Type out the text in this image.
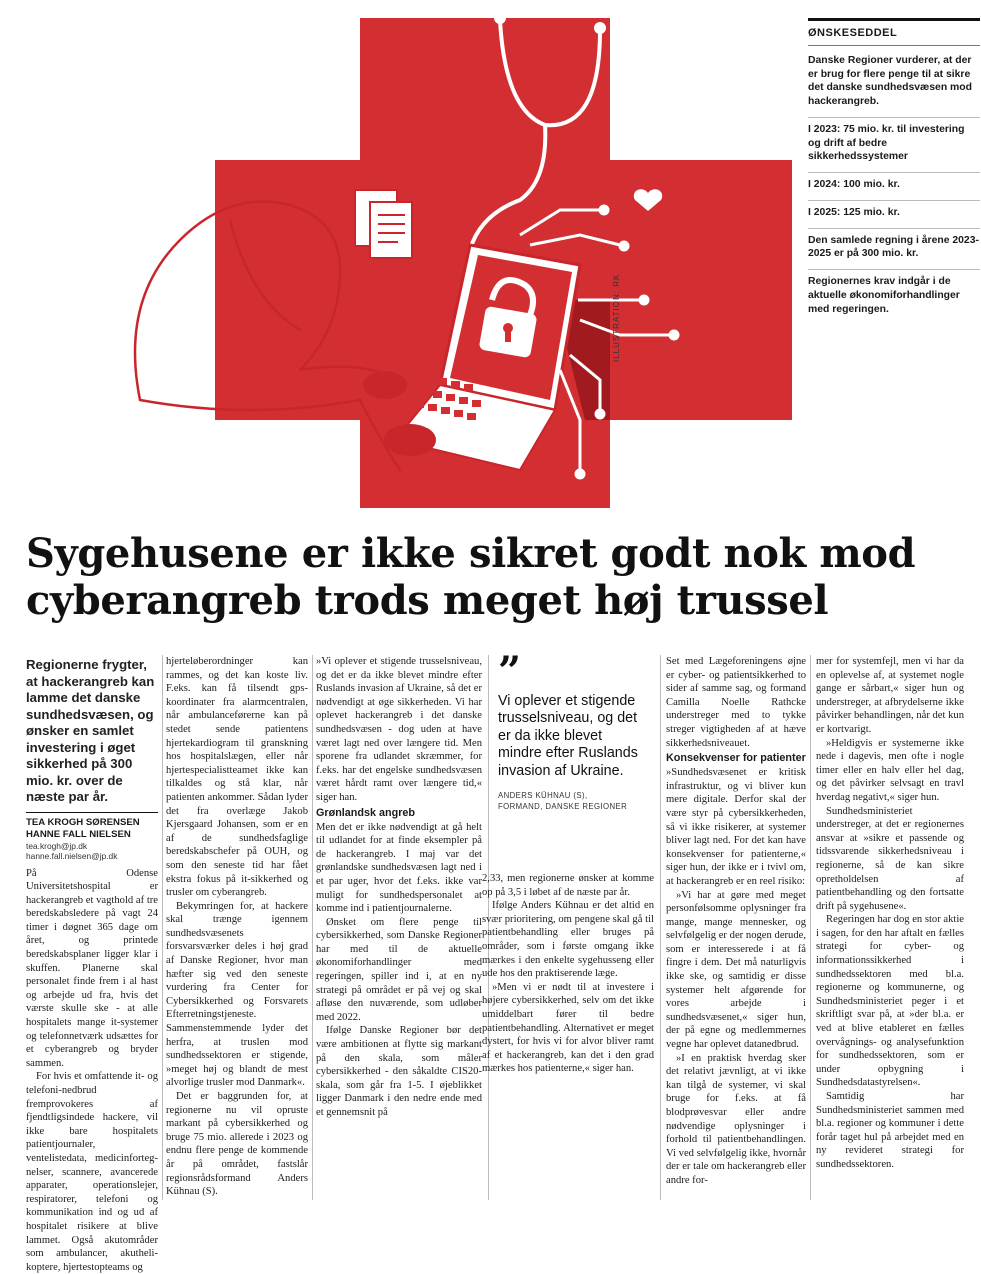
ILLUSTRATION: RK
ØNSKESEDDEL

Danske Regioner vurderer, at der er brug for flere penge til at sikre det danske sundhedsvæsen mod hackerangreb.

I 2023: 75 mio. kr. til investering og drift af bedre sikkerhedssystemer

I 2024: 100 mio. kr.

I 2025: 125 mio. kr.

Den samlede regning i årene 2023-2025 er på 300 mio. kr.

Regionernes krav indgår i de aktuelle økonomiforhandlinger med regeringen.

Sygehusene er ikke sikret godt nok mod cyberangreb trods meget høj trussel

Regionerne frygter, at hackerangreb kan lamme det danske sundhedsvæsen, og ønsker en samlet investering i øget sikkerhed på 300 mio. kr. over de næste par år.

TEA KROGH SØRENSEN
HANNE FALL NIELSEN
tea.krogh@jp.dk
hanne.fall.nielsen@jp.dk

På Odense Universitetshospital er hackerangreb et vagthold af tre beredskabsledere på vagt 24 timer i døgnet 365 dage om året, og printede beredskabsplaner ligger klar i skuffen. Planerne skal personalet finde frem i al hast og arbejde ud fra, hvis det værste skulle ske - at alle hospitalets mange it-systemer og telefonnetværk udsættes for et cyberangreb og bryder sammen.

For hvis et omfattende it- og telefoni-nedbrud fremprovokeres af fjendtligsindede hackere, vil ikke bare hospitalets patientjournaler, ventelistedata, medicinfortegnelser, scannere, avancerede apparater, operationslejer, respiratorer, telefoni og kommunikation ind og ud af hospitalet risikere at blive lammet. Også akutområder som ambulancer, akuthelikoptere, hjertestopteams og

hjerteløberordninger kan rammes, og det kan koste liv. F.eks. kan få tilsendt gps-koordinater fra alarmcentralen, når ambulanceførerne kan på stedet sende patientens hjertekardiogram til granskning hos hospitalslægen, eller når hjertespecialistteamet ikke kan tilkaldes og stå klar, når patienten ankommer. Sådan lyder det fra overlæge Jakob Kjersgaard Johansen, som er en af de sundhedsfaglige beredskabschefer på OUH, og som den seneste tid har fået ekstra fokus på it-sikkerhed og trusler om cyberangreb.

Bekymringen for, at hackere skal trænge igennem sundhedsvæsenets forsvarsværker deles i høj grad af Danske Regioner, hvor man hæfter sig ved den seneste vurdering fra Center for Cybersikkerhed og Forsvarets Efterretningstjeneste. Sammenstemmende lyder det herfra, at truslen mod sundhedssektoren er stigende, »meget høj og blandt de mest alvorlige trusler mod Danmark«.

Det er baggrunden for, at regionerne nu vil opruste markant på cybersikkerhed og bruge 75 mio. allerede i 2023 og endnu flere penge de kommende år på området, fastslår regionsrådsformand Anders Kühnau (S).

»Vi oplever et stigende trusselsniveau, og det er da ikke blevet mindre efter Ruslands invasion af Ukraine, så det er nødvendigt at øge sikkerheden. Vi har oplevet hackerangreb i det danske sundhedsvæsen - dog uden at have været lagt ned over længere tid. Men sporene fra udlandet skræmmer, for f.eks. har det engelske sundhedsvæsen været hårdt ramt over længere tid,« siger han.

Grønlandsk angreb

Men det er ikke nødvendigt at gå helt til udlandet for at finde eksempler på de hackerangreb. I maj var det grønlandske sundhedsvæsen lagt ned i et par uger, hvor det f.eks. ikke var muligt for sundhedspersonalet at komme ind i patientjournalerne.

Ønsket om flere penge til cybersikkerhed, som Danske Regioner har med til de aktuelle økonomiforhandlinger med regeringen, spiller ind i, at en ny strategi på området er på vej og skal afløse den nuværende, som udløber med 2022.

Ifølge Danske Regioner bør det være ambitionen at flytte sig markant på den skala, som måler cybersikkerhed - den såkaldte CIS20-skala, som går fra 1-5. I øjeblikket ligger Danmark i den nedre ende med et gennemsnit på

”

Vi oplever et stigende trusselsniveau, og det er da ikke blevet mindre efter Ruslands invasion af Ukraine.

ANDERS KÜHNAU (S),
FORMAND, DANSKE REGIONER

2,33, men regionerne ønsker at komme op på 3,5 i løbet af de næste par år.

Ifølge Anders Kühnau er det altid en svær prioritering, om pengene skal gå til patientbehandling eller bruges på områder, som i første omgang ikke mærkes i den enkelte sygehusseng eller ude hos den praktiserende læge.

»Men vi er nødt til at investere i højere cybersikkerhed, selv om det ikke umiddelbart fører til bedre patientbehandling. Alternativet er meget dystert, for hvis vi for alvor bliver ramt af et hackerangreb, kan det i den grad mærkes hos patienterne,« siger han.

Set med Lægeforeningens øjne er cyber- og patientsikkerhed to sider af samme sag, og formand Camilla Noelle Rathcke understreger med to tykke streger vigtigheden af at hæve sikkerhedsniveauet.

Konsekvenser for patienter

»Sundhedsvæsenet er kritisk infrastruktur, og vi bliver kun mere digitale. Derfor skal der være styr på cybersikkerheden, så vi ikke risikerer, at systemer bliver lagt ned. For det kan have konsekvenser for patienterne,« siger hun, der ikke er i tvivl om, at hackerangreb er en reel risiko:

»Vi har at gøre med meget personfølsomme oplysninger fra mange, mange mennesker, og selvfølgelig er der nogen derude, som er interesserede i at få fingre i dem. Det må naturligvis ikke ske, og samtidig er disse systemer helt afgørende for vores arbejde i sundhedsvæsenet,« siger hun, der på egne og medlemmernes vegne har oplevet datanedbrud.

»I en praktisk hverdag sker det relativt jævnligt, at vi ikke kan tilgå de systemer, vi skal bruge for f.eks. at få blodprøvesvar eller andre nødvendige oplysninger i forhold til patientbehandlingen. Vi ved selvfølgelig ikke, hvornår der er tale om hackerangreb eller andre for-

mer for systemfejl, men vi har da en oplevelse af, at systemet nogle gange er sårbart,« siger hun og understreger, at afbrydelserne ikke påvirker behandlingen, når det kun er kortvarigt.

»Heldigvis er systemerne ikke nede i dagevis, men ofte i nogle timer eller en halv eller hel dag, og det påvirker selvsagt en travl hverdag negativt,« siger hun.

Sundhedsministeriet understreger, at det er regionernes ansvar at »sikre et passende og tidssvarende sikkerhedsniveau i regionerne, så de kan sikre opretholdelsen af patientbehandling og den fortsatte drift på sygehusene«.

Regeringen har dog en stor aktie i sagen, for den har aftalt en fælles strategi for cyber- og informationssikkerhed i sundhedssektoren med bl.a. regionerne og kommunerne, og Sundhedsministeriet peger i et skriftligt svar på, at »der bl.a. er ved at blive etableret en fælles overvågnings- og analysefunktion for sundhedssektoren, som er under opbygning i Sundhedsdatastyrelsen«.

Samtidig har Sundhedsministeriet sammen med bl.a. regioner og kommuner i dette forår taget hul på arbejdet med en ny revideret strategi for sundhedssektoren.
